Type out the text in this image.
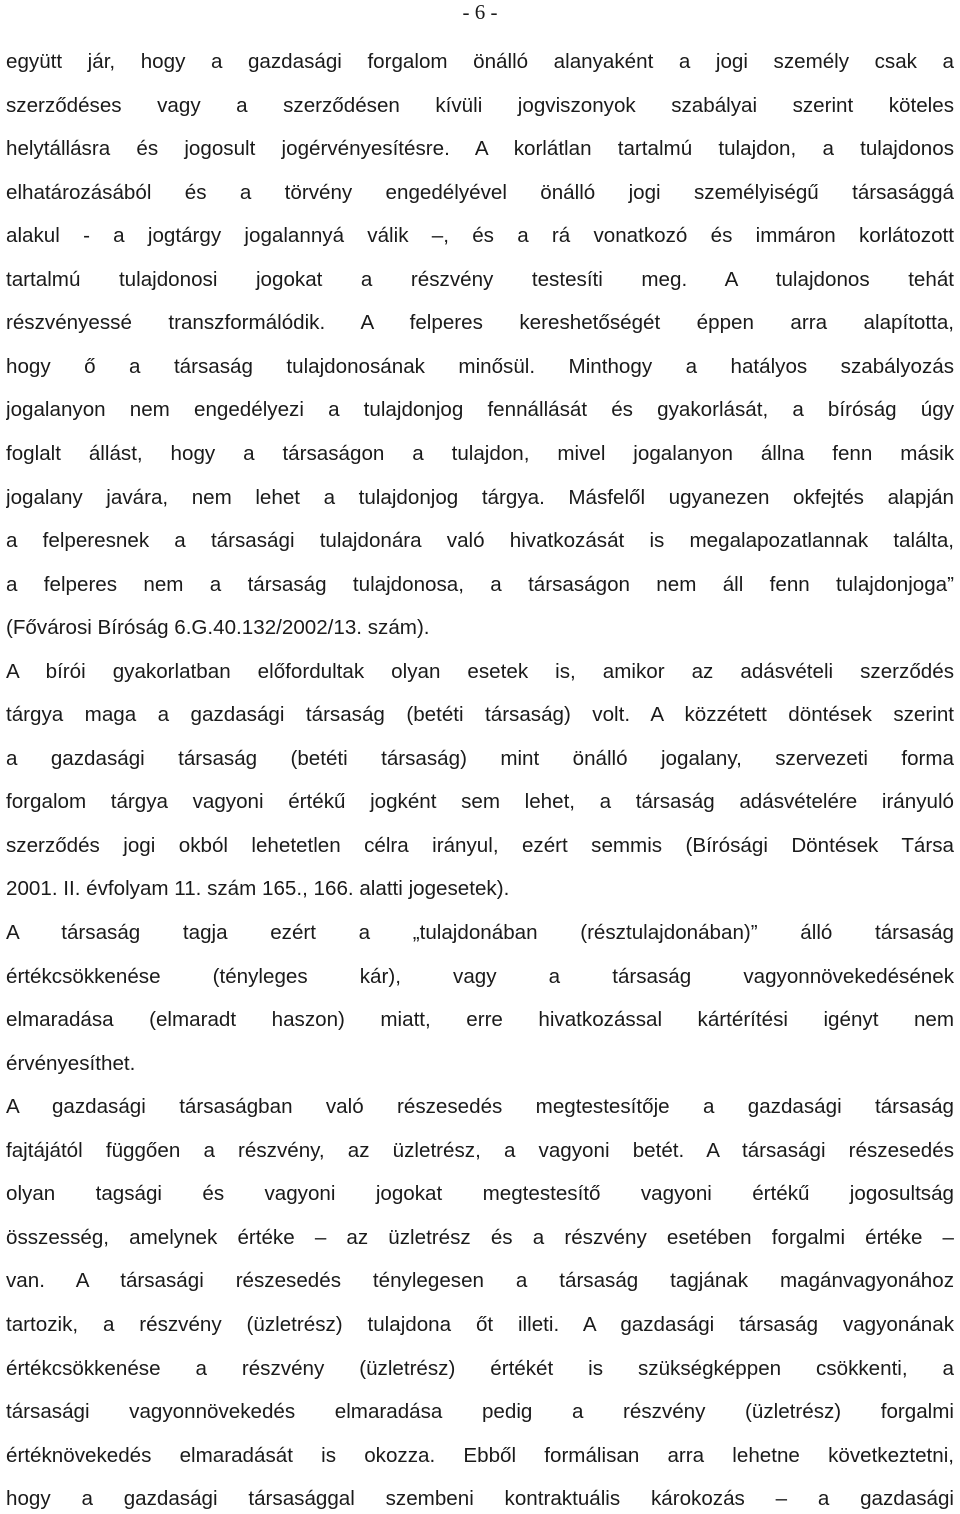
- 6 -
együtt jár, hogy a gazdasági forgalom önálló alanyaként a jogi személy csak a
szerződéses vagy a szerződésen kívüli jogviszonyok szabályai szerint köteles
helytállásra és jogosult jogérvényesítésre. A korlátlan tartalmú tulajdon, a tulajdonos
elhatározásából és a törvény engedélyével önálló jogi személyiségű társasággá
alakul - a jogtárgy jogalannyá válik –, és a rá vonatkozó és immáron korlátozott
tartalmú tulajdonosi jogokat a részvény testesíti meg. A tulajdonos tehát
részvényessé transzformálódik. A felperes kereshetőségét éppen arra alapította,
hogy ő a társaság tulajdonosának minősül. Minthogy a hatályos szabályozás
jogalanyon nem engedélyezi a tulajdonjog fennállását és gyakorlását, a bíróság úgy
foglalt állást, hogy a társaságon a tulajdon, mivel jogalanyon állna fenn másik
jogalany javára, nem lehet a tulajdonjog tárgya. Másfelől ugyanezen okfejtés alapján
a felperesnek a társasági tulajdonára való hivatkozását is megalapozatlannak találta,
a felperes nem a társaság tulajdonosa, a társaságon nem áll fenn tulajdonjoga”
(Fővárosi Bíróság 6.G.40.132/2002/13. szám).
A bírói gyakorlatban előfordultak olyan esetek is, amikor az adásvételi szerződés
tárgya maga a gazdasági társaság (betéti társaság) volt. A közzétett döntések szerint
a gazdasági társaság (betéti társaság) mint önálló jogalany, szervezeti forma
forgalom tárgya vagyoni értékű jogként sem lehet, a társaság adásvételére irányuló
szerződés jogi okból lehetetlen célra irányul, ezért semmis (Bírósági Döntések Társa
2001. II. évfolyam 11. szám 165., 166. alatti jogesetek).
A társaság tagja ezért a „tulajdonában (résztulajdonában)” álló társaság
értékcsökkenése (tényleges kár), vagy a társaság vagyonnövekedésének
elmaradása (elmaradt haszon) miatt, erre hivatkozással kártérítési igényt nem
érvényesíthet.
A gazdasági társaságban való részesedés megtestesítője a gazdasági társaság
fajtájától függően a részvény, az üzletrész, a vagyoni betét. A társasági részesedés
olyan tagsági és vagyoni jogokat megtestesítő vagyoni értékű jogosultság
összesség, amelynek értéke – az üzletrész és a részvény esetében forgalmi értéke –
van. A társasági részesedés ténylegesen a társaság tagjának magánvagyonához
tartozik, a részvény (üzletrész) tulajdona őt illeti. A gazdasági társaság vagyonának
értékcsökkenése a részvény (üzletrész) értékét is szükségképpen csökkenti, a
társasági vagyonnövekedés elmaradása pedig a részvény (üzletrész) forgalmi
értéknövekedés elmaradását is okozza. Ebből formálisan arra lehetne következtetni,
hogy a gazdasági társasággal szembeni kontraktuális károkozás – a gazdasági
